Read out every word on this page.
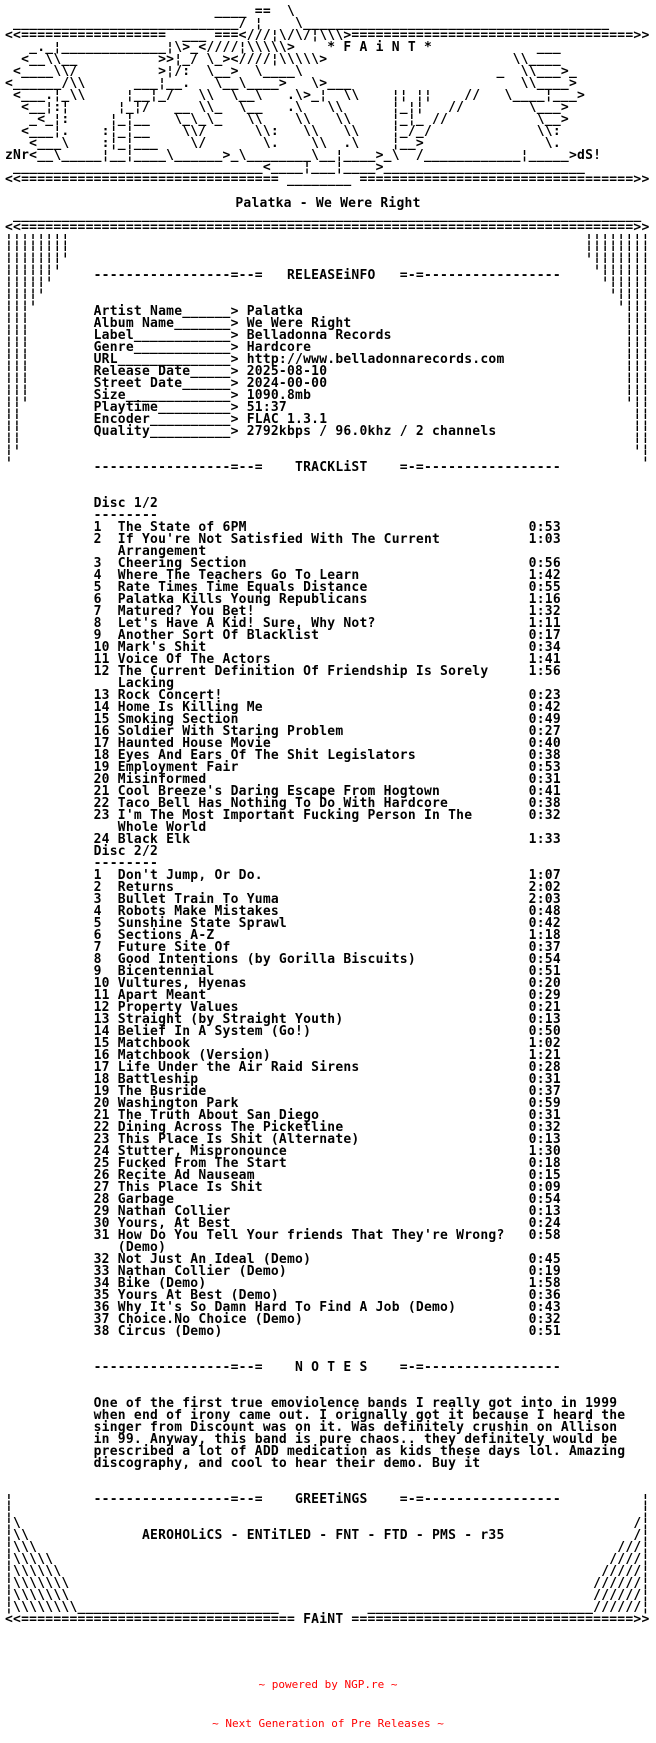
____ ==  \
____________________________/ ¦    \______________________________________
<<==================  ___ ===<///¦\/\/¦\\\>===================================>>
_._¦_____________¦\>_<////¦\\\\\>    * F A i N T *             ___
<__\\__          >>¦_/ \_><////¦\\\\\>                       \\____
<____\\/          >¦/:  \__>  \____\                        _  \\___>_
<______/\\      ___¦__.   \__\____>   \>___                     \\____>
<___.¦_\\     ¦__¦_/   \\  \__\   .\>_¦  \\    ¦¦ ¦¦    //   \____¦___>
<__¦:¦      ¦_¦/   __ \\_  \__   .\   \\      ¦_¦¦   //        \___>
_<_¦:     ¦_¦__   \_\_\_   \\    \\   \\     ¦_¦_ //           \__>
<___¦.    :¦_¦__    \\/      \\:   \\   \\    ¦_/_/             \\:
<___\    :¦_¦___    \/       \.    \\  .\    ¦__>               \.
zNr<__\_____¦__¦____\______>_\________\__¦____>_\  /____________¦_____>dS!
_______________________________<____¦___¦____>_________________________
<<================================ ________ ==================================>>
Palatka - We Were Right
______________________________________________________________________________
<<============================================================================>>
¦¦¦¦¦¦¦¦                                                                ¦¦¦¦¦¦¦¦
¦¦¦¦¦¦¦¦                                                                ¦¦¦¦¦¦¦¦
¦¦¦¦¦¦¦                                                                  ¦¦¦¦¦¦¦
¦¦¦¦¦¦     -----------------=--=   RELEASEiNFO   =-=-----------------     ¦¦¦¦¦¦
¦¦¦¦¦                                                                      ¦¦¦¦¦
¦¦¦¦                                                                        ¦¦¦¦
¦¦¦        Artist Name______> Palatka                                        ¦¦¦
¦¦¦        Album Name_______> We Were Right                                  ¦¦¦
¦¦¦        Label____________> Belladonna Records                             ¦¦¦
¦¦¦        Genre____________> Hardcore                                       ¦¦¦
¦¦¦        URL______________> http://www.belladonnarecords.com               ¦¦¦
¦¦¦        Release Date_____> 2025-08-10                                     ¦¦¦
¦¦¦        Street Date______> 2024-00-00                                     ¦¦¦
¦¦¦        Size_____________> 1090.8mb                                       ¦¦¦
¦¦         Playtime_________> 51:37                                           ¦¦
¦¦         Encoder__________> FLAC 1.3.1                                      ¦¦
¦¦         Quality__________> 2792kbps / 96.0khz / 2 channels                 ¦¦
¦¦                                                                            ¦¦
¦                                                                              ¦
-----------------=--=    TRACKLiST    =-=-----------------

Disc 1/2
--------
1  The State of 6PM                                   0:53
2  If You're Not Satisfied With The Current           1:03
Arrangement
3  Cheering Section                                   0:56
4  Where The Teachers Go To Learn                     1:42
5  Rate Times Time Equals Distance                    0:55
6  Palatka Kills Young Republicans                    1:16
7  Matured? You Bet!                                  1:32
8  Let's Have A Kid! Sure, Why Not?                   1:11
9  Another Sort Of Blacklist                          0:17
10 Mark's Shit                                        0:34
11 Voice Of The Actors                                1:41
12 The Current Definition Of Friendship Is Sorely     1:56
Lacking
13 Rock Concert!                                      0:23
14 Home Is Killing Me                                 0:42
15 Smoking Section                                    0:49
16 Soldier With Staring Problem                       0:27
17 Haunted House Movie                                0:40
18 Eyes And Ears Of The Shit Legislators              0:38
19 Employment Fair                                    0:53
20 Misinformed                                        0:31
21 Cool Breeze's Daring Escape From Hogtown           0:41
22 Taco Bell Has Nothing To Do With Hardcore          0:38
23 I'm The Most Important Fucking Person In The       0:32
Whole World
24 Black Elk                                          1:33
Disc 2/2
--------
1  Don't Jump, Or Do.                                 1:07
2  Returns                                            2:02
3  Bullet Train To Yuma                               2:03
4  Robots Make Mistakes                               0:48
5  Sunshine State Sprawl                              0:42
6  Sections A-Z                                       1:18
7  Future Site Of                                     0:37
8  Good Intentions (by Gorilla Biscuits)              0:54
9  Bicentennial                                       0:51
10 Vultures, Hyenas                                   0:20
11 Apart Meant                                        0:29
12 Property Values                                    0:21
13 Straight (by Straight Youth)                       0:13
14 Belief In A System (Go!)                           0:50
15 Matchbook                                          1:02
16 Matchbook (Version)                                1:21
17 Life Under the Air Raid Sirens                     0:28
18 Battleship                                         0:31
19 The Busride                                        0:37
20 Washington Park                                    0:59
21 The Truth About San Diego                          0:31
22 Dining Across The Picketline                       0:32
23 This Place Is Shit (Alternate)                     0:13
24 Stutter, Mispronounce                              1:30
25 Fucked From The Start                              0:18
26 Recite Ad Nauseam                                  0:15
27 This Place Is Shit                                 0:09
28 Garbage                                            0:54
29 Nathan Collier                                     0:13
30 Yours, At Best                                     0:24
31 How Do You Tell Your friends That They're Wrong?   0:58
(Demo)
32 Not Just An Ideal (Demo)                           0:45
33 Nathan Collier (Demo)                              0:19
34 Bike (Demo)                                        1:58
35 Yours At Best (Demo)                               0:36
36 Why It's So Damn Hard To Find A Job (Demo)         0:43
37 Choice.No Choice (Demo)                            0:32
38 Circus (Demo)                                      0:51

-----------------=--=    N O T E S    =-=-----------------

One of the first true emoviolence bands I really got into in 1999
when end of irony came out. I orignally got it because I heard the
singer from Discount was on it. Was definitely crushin on Allison
in 99. Anyway, this band is pure chaos.. they definitely would be
prescribed a lot of ADD medication as kids these days lol. Amazing
discography, and cool to hear their demo. Buy it

¦          -----------------=--=    GREETiNGS    =-=-----------------          ¦
¦                                                                              ¦
¦\                                                                            /¦
¦\\              AEROHOLiCS - ENTiTLED - FNT - FTD - PMS - r35                /¦
¦\\\                                                                        ///¦
¦\\\\\                                                                     ////¦
¦\\\\\\                                                                   /////¦
¦\\\\\\\                                                                 //////¦
¦\\\\\\\                                                                 //////¦
¦\\\\\\\\_________________________           ____________________________//////¦
<<================================== FAiNT ===================================>>

~ powered by NGP.re ~

~ Next Generation of Pre Releases ~
